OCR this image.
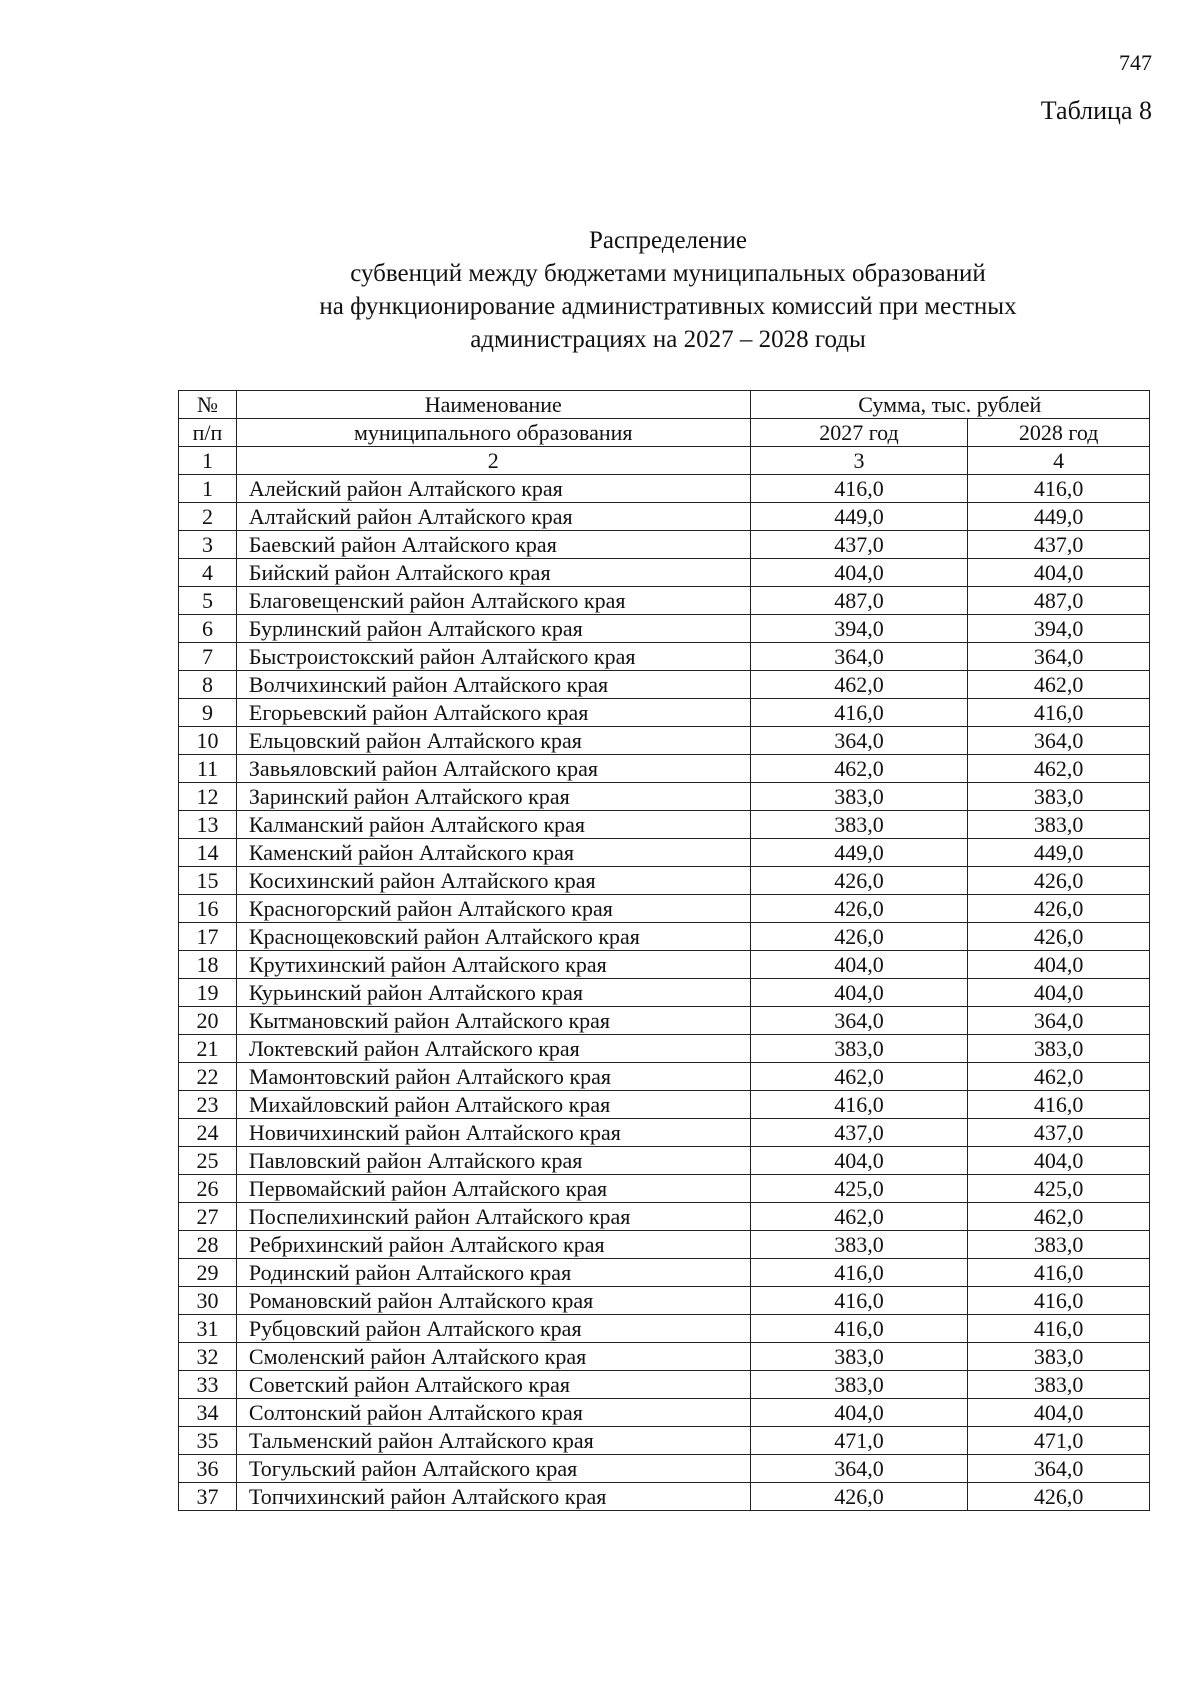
747
Таблица 8
Распределение
субвенций между бюджетами муниципальных образований
на функционирование административных комиссий при местных
администрациях на 2027 – 2028 годы
№	Наименование	Сумма, тыс. рублей	
п/п	муниципального образования	2027 год	2028 год
1	2	3	4
1	Алейский район Алтайского края	416,0	416,0
2	Алтайский район Алтайского края	449,0	449,0
3	Баевский район Алтайского края	437,0	437,0
4	Бийский район Алтайского края	404,0	404,0
5	Благовещенский район Алтайского края	487,0	487,0
6	Бурлинский район Алтайского края	394,0	394,0
7	Быстроистокский район Алтайского края	364,0	364,0
8	Волчихинский район Алтайского края	462,0	462,0
9	Егорьевский район Алтайского края	416,0	416,0
10	Ельцовский район Алтайского края	364,0	364,0
11	Завьяловский район Алтайского края	462,0	462,0
12	Заринский район Алтайского края	383,0	383,0
13	Калманский район Алтайского края	383,0	383,0
14	Каменский район Алтайского края	449,0	449,0
15	Косихинский район Алтайского края	426,0	426,0
16	Красногорский район Алтайского края	426,0	426,0
17	Краснощековский район Алтайского края	426,0	426,0
18	Крутихинский район Алтайского края	404,0	404,0
19	Курьинский район Алтайского края	404,0	404,0
20	Кытмановский район Алтайского края	364,0	364,0
21	Локтевский район Алтайского края	383,0	383,0
22	Мамонтовский район Алтайского края	462,0	462,0
23	Михайловский район Алтайского края	416,0	416,0
24	Новичихинский район Алтайского края	437,0	437,0
25	Павловский район Алтайского края	404,0	404,0
26	Первомайский район Алтайского края	425,0	425,0
27	Поспелихинский район Алтайского края	462,0	462,0
28	Ребрихинский район Алтайского края	383,0	383,0
29	Родинский район Алтайского края	416,0	416,0
30	Романовский район Алтайского края	416,0	416,0
31	Рубцовский район Алтайского края	416,0	416,0
32	Смоленский район Алтайского края	383,0	383,0
33	Советский район Алтайского края	383,0	383,0
34	Солтонский район Алтайского края	404,0	404,0
35	Тальменский район Алтайского края	471,0	471,0
36	Тогульский район Алтайского края	364,0	364,0
37	Топчихинский район Алтайского края	426,0	426,0
